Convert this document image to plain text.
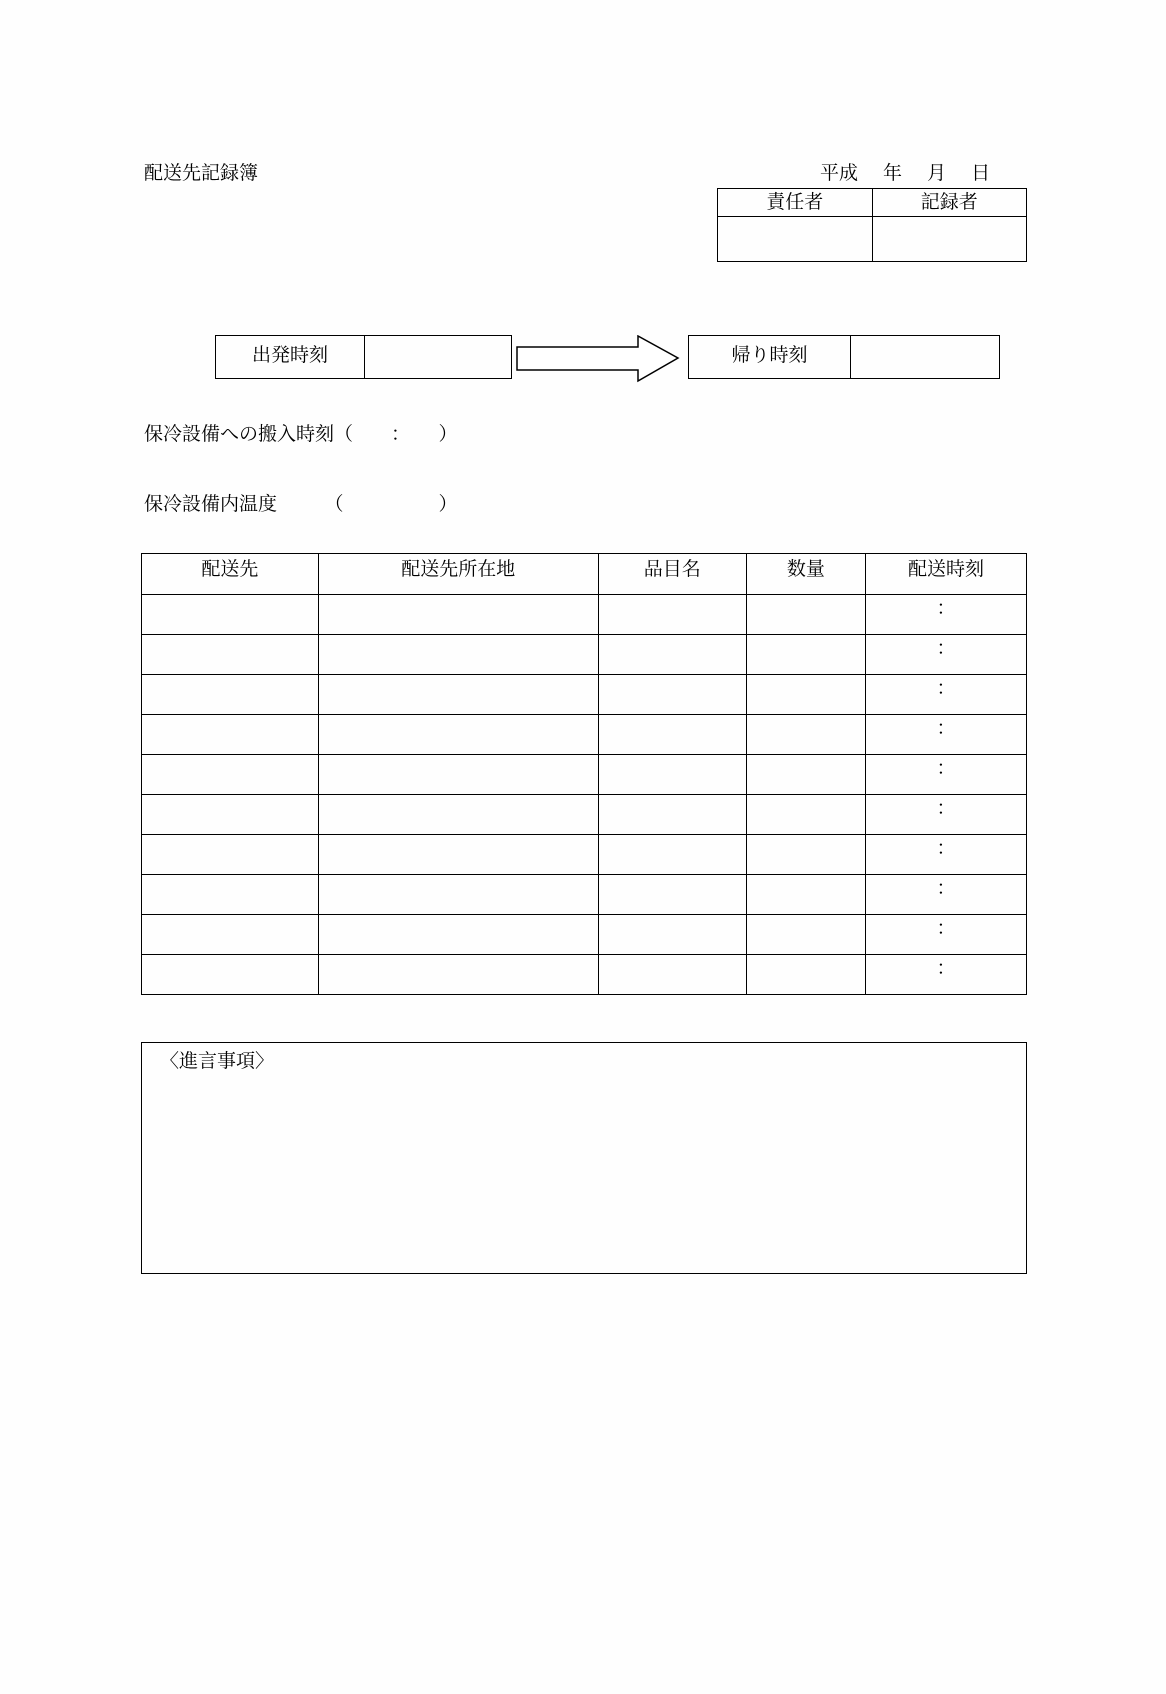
配送先記録簿	平成　 年　 月　 日
責任者	記録者

出発時刻	帰り時刻
保冷設備への搬入時刻（　　：　　）
保冷設備内温度　　　（　　　　　）
配送先	配送先所在地	品目名	数量	配送時刻
				：
				：
				：
				：
				：
				：
				：
				：
				：
				：
〈進言事項〉
